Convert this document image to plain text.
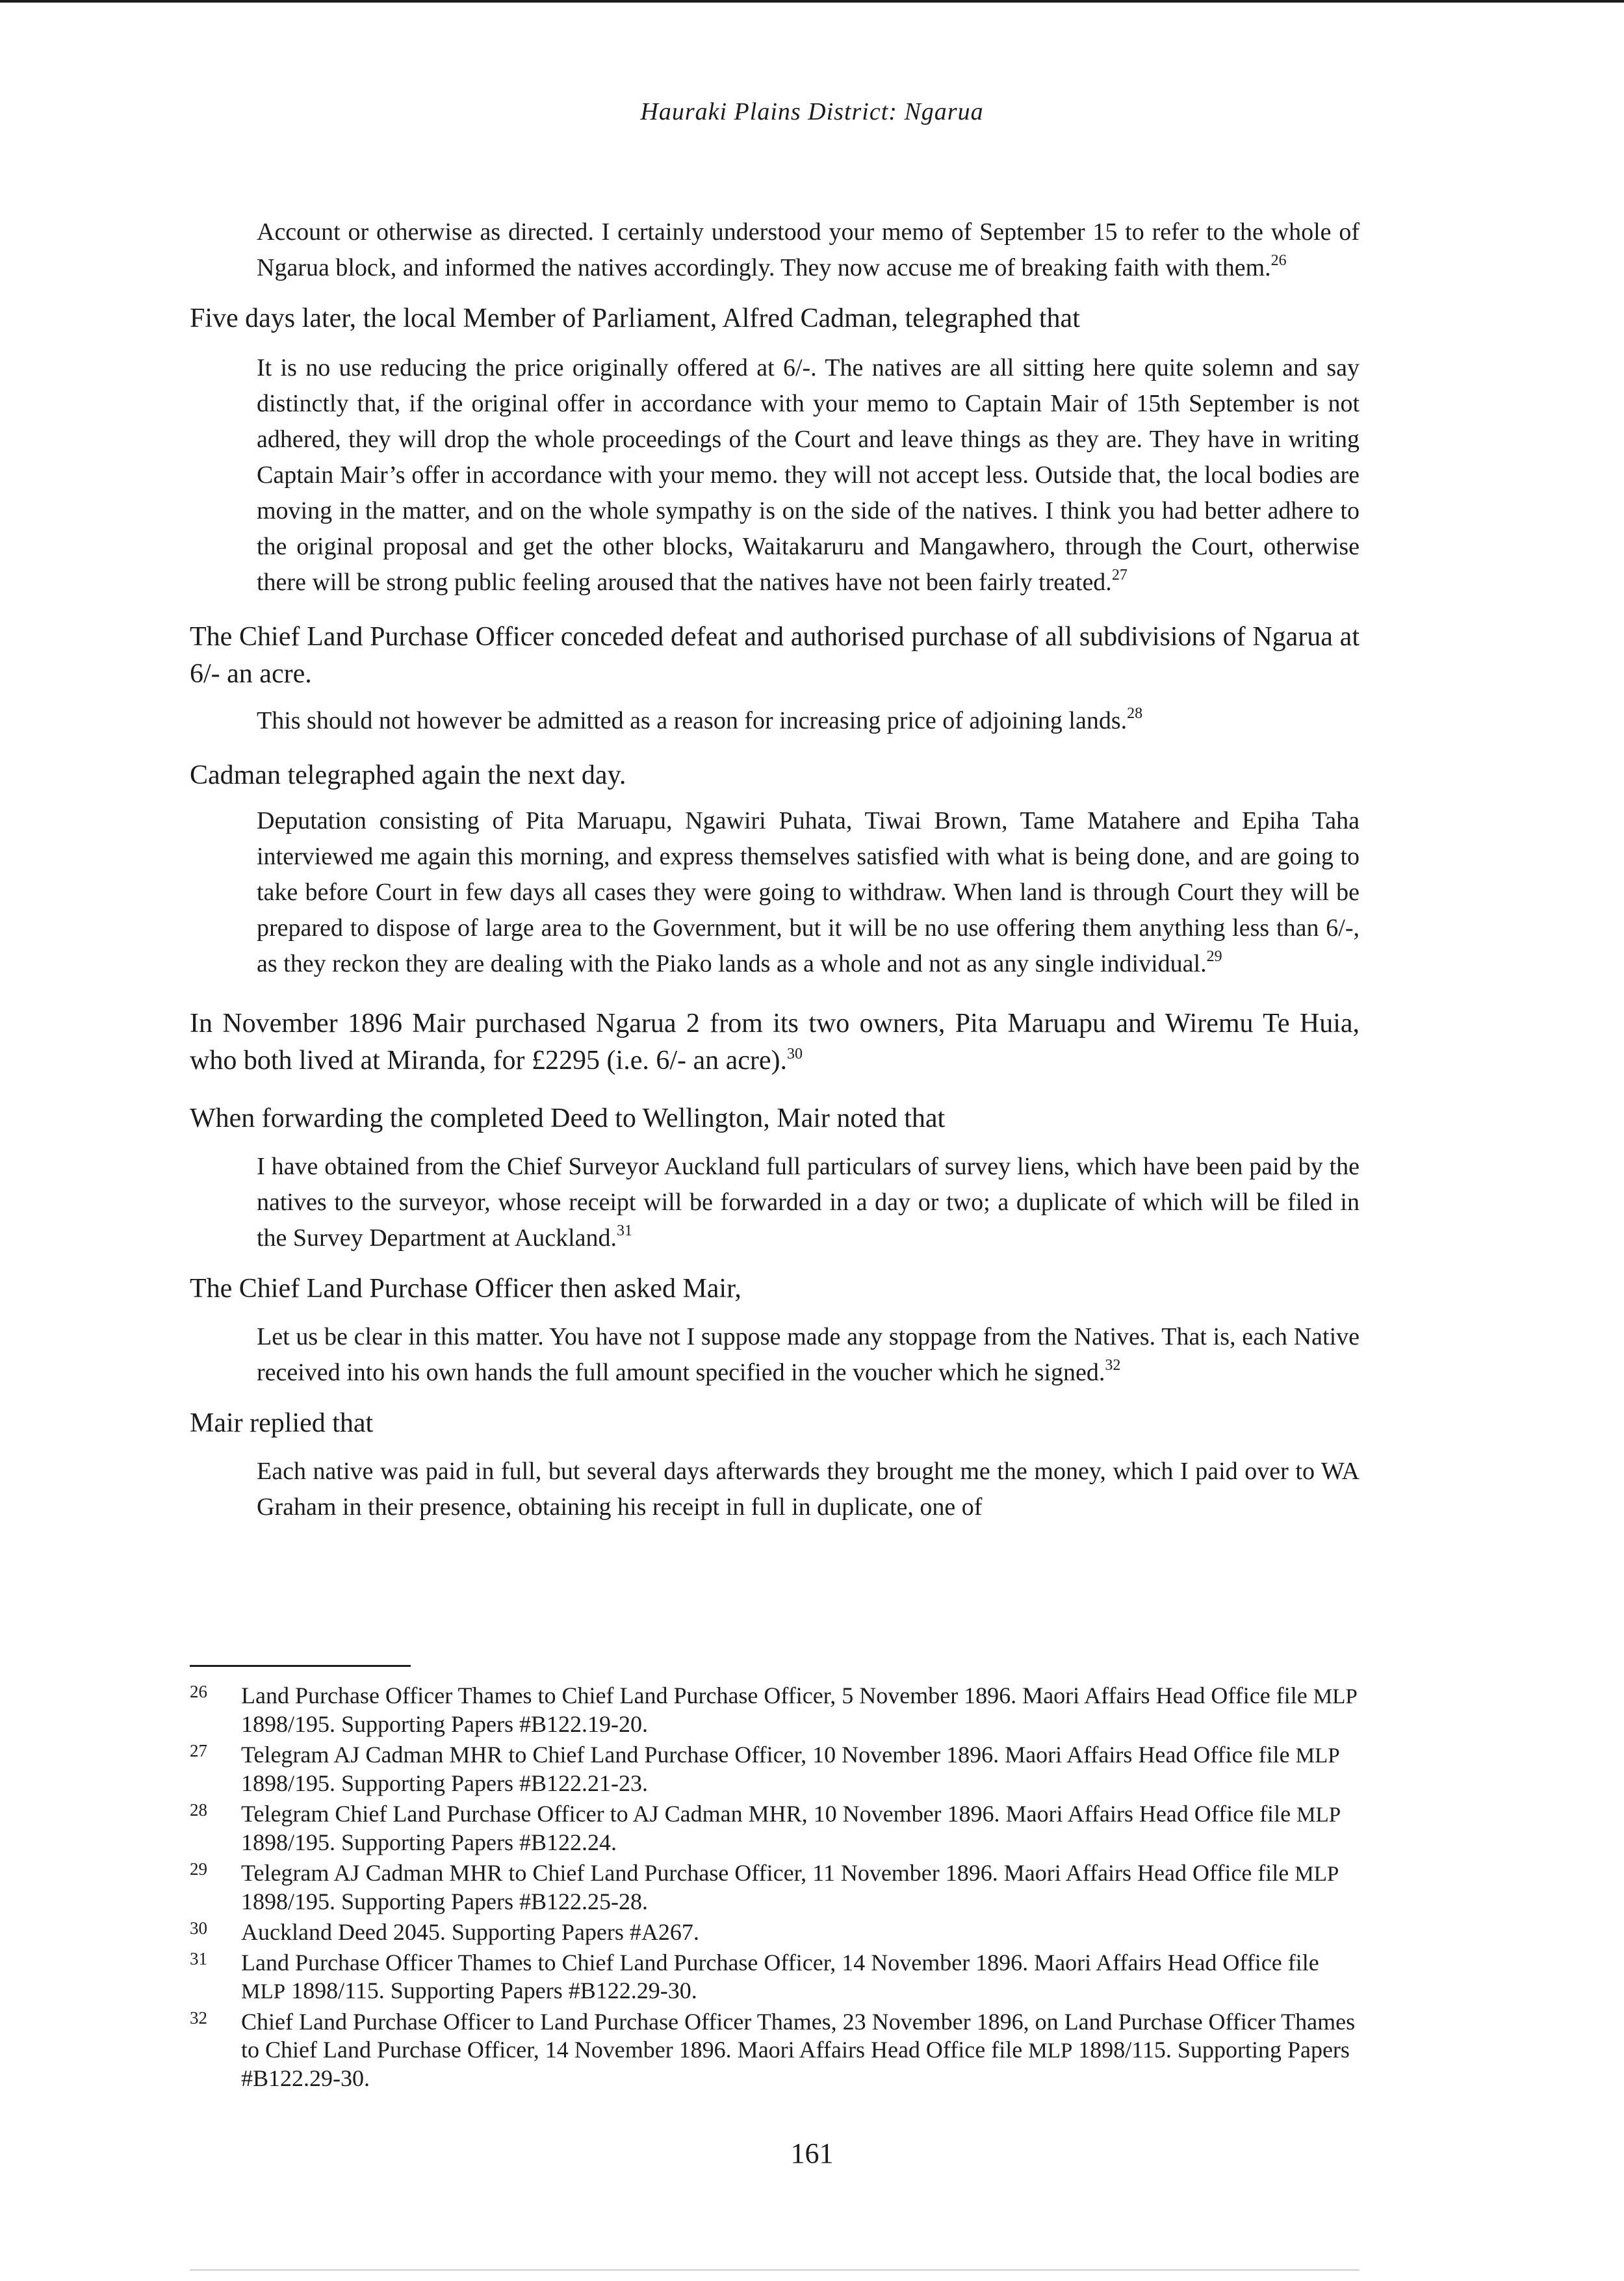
Hauraki Plains District: Ngarua

Account or otherwise as directed. I certainly understood your memo of September 15 to refer to the whole of Ngarua block, and informed the natives accordingly. They now accuse me of breaking faith with them.$^{26}$

Five days later, the local Member of Parliament, Alfred Cadman, telegraphed that

It is no use reducing the price originally offered at 6/-. The natives are all sitting here quite solemn and say distinctly that, if the original offer in accordance with your memo to Captain Mair of 15th September is not adhered, they will drop the whole proceedings of the Court and leave things as they are. They have in writing Captain Mair’s offer in accordance with your memo. they will not accept less. Outside that, the local bodies are moving in the matter, and on the whole sympathy is on the side of the natives. I think you had better adhere to the original proposal and get the other blocks, Waitakaruru and Mangawhero, through the Court, otherwise there will be strong public feeling aroused that the natives have not been fairly treated.$^{27}$

The Chief Land Purchase Officer conceded defeat and authorised purchase of all subdivisions of Ngarua at 6/- an acre.

This should not however be admitted as a reason for increasing price of adjoining lands.$^{28}$

Cadman telegraphed again the next day.

Deputation consisting of Pita Maruapu, Ngawiri Puhata, Tiwai Brown, Tame Matahere and Epiha Taha interviewed me again this morning, and express themselves satisfied with what is being done, and are going to take before Court in few days all cases they were going to withdraw. When land is through Court they will be prepared to dispose of large area to the Government, but it will be no use offering them anything less than 6/-, as they reckon they are dealing with the Piako lands as a whole and not as any single individual.$^{29}$

In November 1896 Mair purchased Ngarua 2 from its two owners, Pita Maruapu and Wiremu Te Huia, who both lived at Miranda, for £2295 (i.e. 6/- an acre).$^{30}$

When forwarding the completed Deed to Wellington, Mair noted that

I have obtained from the Chief Surveyor Auckland full particulars of survey liens, which have been paid by the natives to the surveyor, whose receipt will be forwarded in a day or two; a duplicate of which will be filed in the Survey Department at Auckland.$^{31}$

The Chief Land Purchase Officer then asked Mair,

Let us be clear in this matter. You have not I suppose made any stoppage from the Natives. That is, each Native received into his own hands the full amount specified in the voucher which he signed.$^{32}$

Mair replied that

Each native was paid in full, but several days afterwards they brought me the money, which I paid over to WA Graham in their presence, obtaining his receipt in full in duplicate, one of

26 Land Purchase Officer Thames to Chief Land Purchase Officer, 5 November 1896. Maori Affairs Head Office file MLP 1898/195. Supporting Papers #B122.19-20.

27 Telegram AJ Cadman MHR to Chief Land Purchase Officer, 10 November 1896. Maori Affairs Head Office file MLP 1898/195. Supporting Papers #B122.21-23.

28 Telegram Chief Land Purchase Officer to AJ Cadman MHR, 10 November 1896. Maori Affairs Head Office file MLP 1898/195. Supporting Papers #B122.24.

29 Telegram AJ Cadman MHR to Chief Land Purchase Officer, 11 November 1896. Maori Affairs Head Office file MLP 1898/195. Supporting Papers #B122.25-28.

30 Auckland Deed 2045. Supporting Papers #A267.

31 Land Purchase Officer Thames to Chief Land Purchase Officer, 14 November 1896. Maori Affairs Head Office file MLP 1898/115. Supporting Papers #B122.29-30.

32 Chief Land Purchase Officer to Land Purchase Officer Thames, 23 November 1896, on Land Purchase Officer Thames to Chief Land Purchase Officer, 14 November 1896. Maori Affairs Head Office file MLP 1898/115. Supporting Papers #B122.29-30.

161
